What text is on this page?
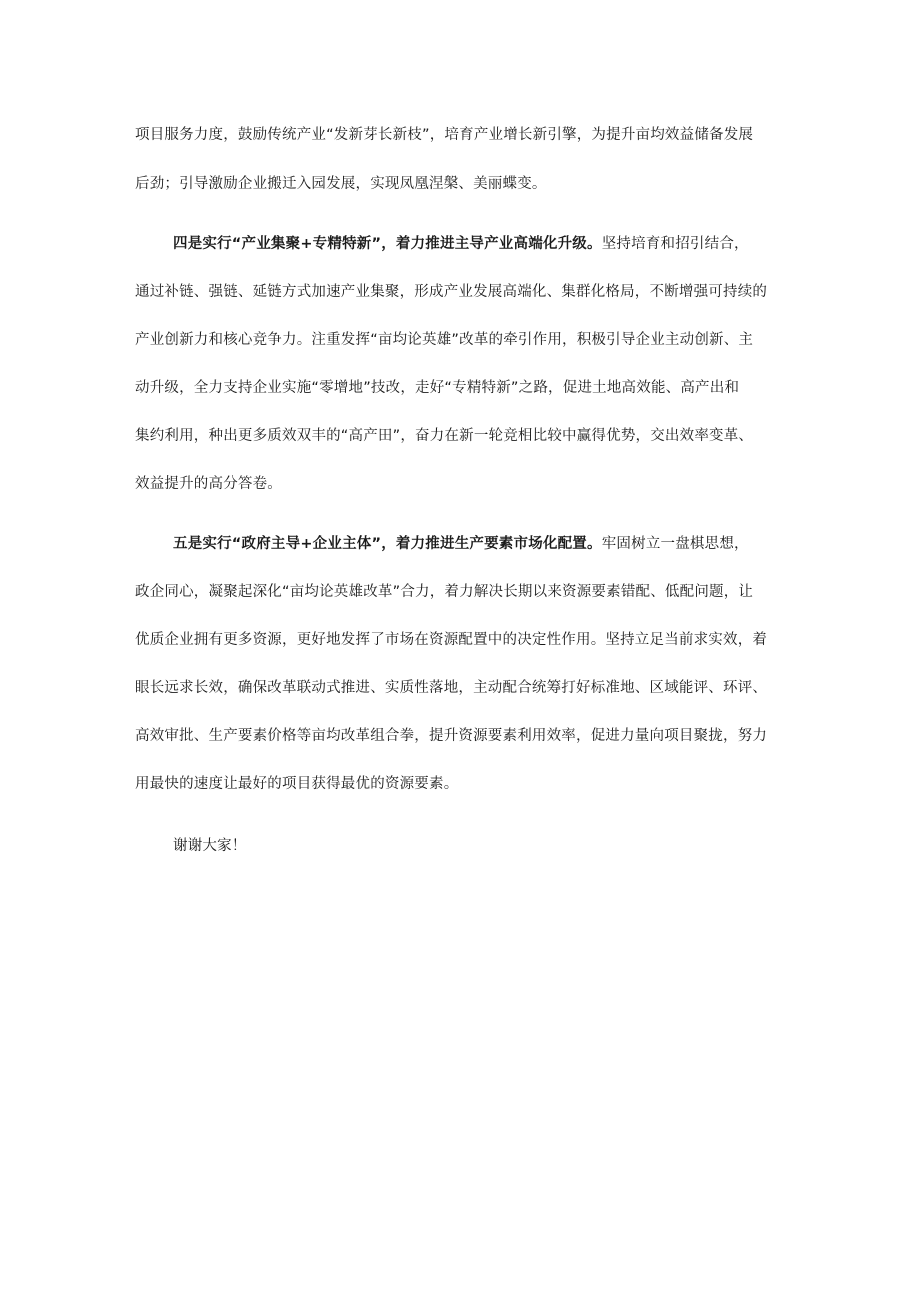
项目服务力度，鼓励传统产业“发新芽长新枝”，培育产业增长新引擎，为提升亩均效益储备发展
后劲；引导激励企业搬迁入园发展，实现凤凰涅槃、美丽蝶变。
四是实行“产业集聚+专精特新”，着力推进主导产业高端化升级。坚持培育和招引结合，
通过补链、强链、延链方式加速产业集聚，形成产业发展高端化、集群化格局，不断增强可持续的
产业创新力和核心竞争力。注重发挥“亩均论英雄”改革的牵引作用，积极引导企业主动创新、主
动升级，全力支持企业实施“零增地”技改，走好“专精特新”之路，促进土地高效能、高产出和
集约利用，种出更多质效双丰的“高产田”，奋力在新一轮竞相比较中赢得优势，交出效率变革、
效益提升的高分答卷。
五是实行“政府主导+企业主体”，着力推进生产要素市场化配置。牢固树立一盘棋思想，
政企同心，凝聚起深化“亩均论英雄改革”合力，着力解决长期以来资源要素错配、低配问题，让
优质企业拥有更多资源，更好地发挥了市场在资源配置中的决定性作用。坚持立足当前求实效，着
眼长远求长效，确保改革联动式推进、实质性落地，主动配合统筹打好标准地、区域能评、环评、
高效审批、生产要素价格等亩均改革组合拳，提升资源要素利用效率，促进力量向项目聚拢，努力
用最快的速度让最好的项目获得最优的资源要素。
谢谢大家！
